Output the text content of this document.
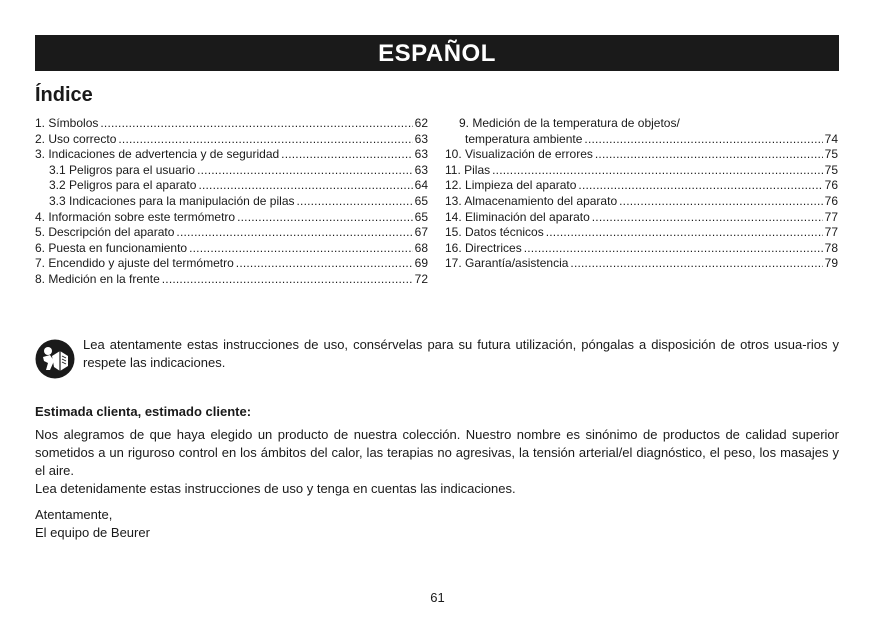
ESPAÑOL
Índice
1. Símbolos .....	62
2. Uso correcto .....	63
3. Indicaciones de advertencia y de seguridad .....	63
3.1 Peligros para el usuario .....	63
3.2 Peligros para el aparato .....	64
3.3 Indicaciones para la manipulación de pilas .....	65
4. Información sobre este termómetro .....	65
5. Descripción del aparato .....	67
6. Puesta en funcionamiento .....	68
7. Encendido y ajuste del termómetro .....	69
8. Medición en la frente .....	72
9. Medición de la temperatura de objetos/
temperatura ambiente .....	74
10. Visualización de errores .....	75
11. Pilas .....	75
12. Limpieza del aparato .....	76
13. Almacenamiento del aparato .....	76
14. Eliminación del aparato .....	77
15. Datos técnicos .....	77
16. Directrices .....	78
17. Garantía/asistencia .....	79
Lea atentamente estas instrucciones de uso, consérvelas para su futura utilización, póngalas a disposición de otros usua-rios y respete las indicaciones.
Estimada clienta, estimado cliente:

Nos alegramos de que haya elegido un producto de nuestra colección. Nuestro nombre es sinónimo de productos de calidad superior sometidos a un riguroso control en los ámbitos del calor, las terapias no agresivas, la tensión arterial/el diagnóstico, el peso, los masajes y el aire.

Lea detenidamente estas instrucciones de uso y tenga en cuentas las indicaciones.

Atentamente,
El equipo de Beurer
61
